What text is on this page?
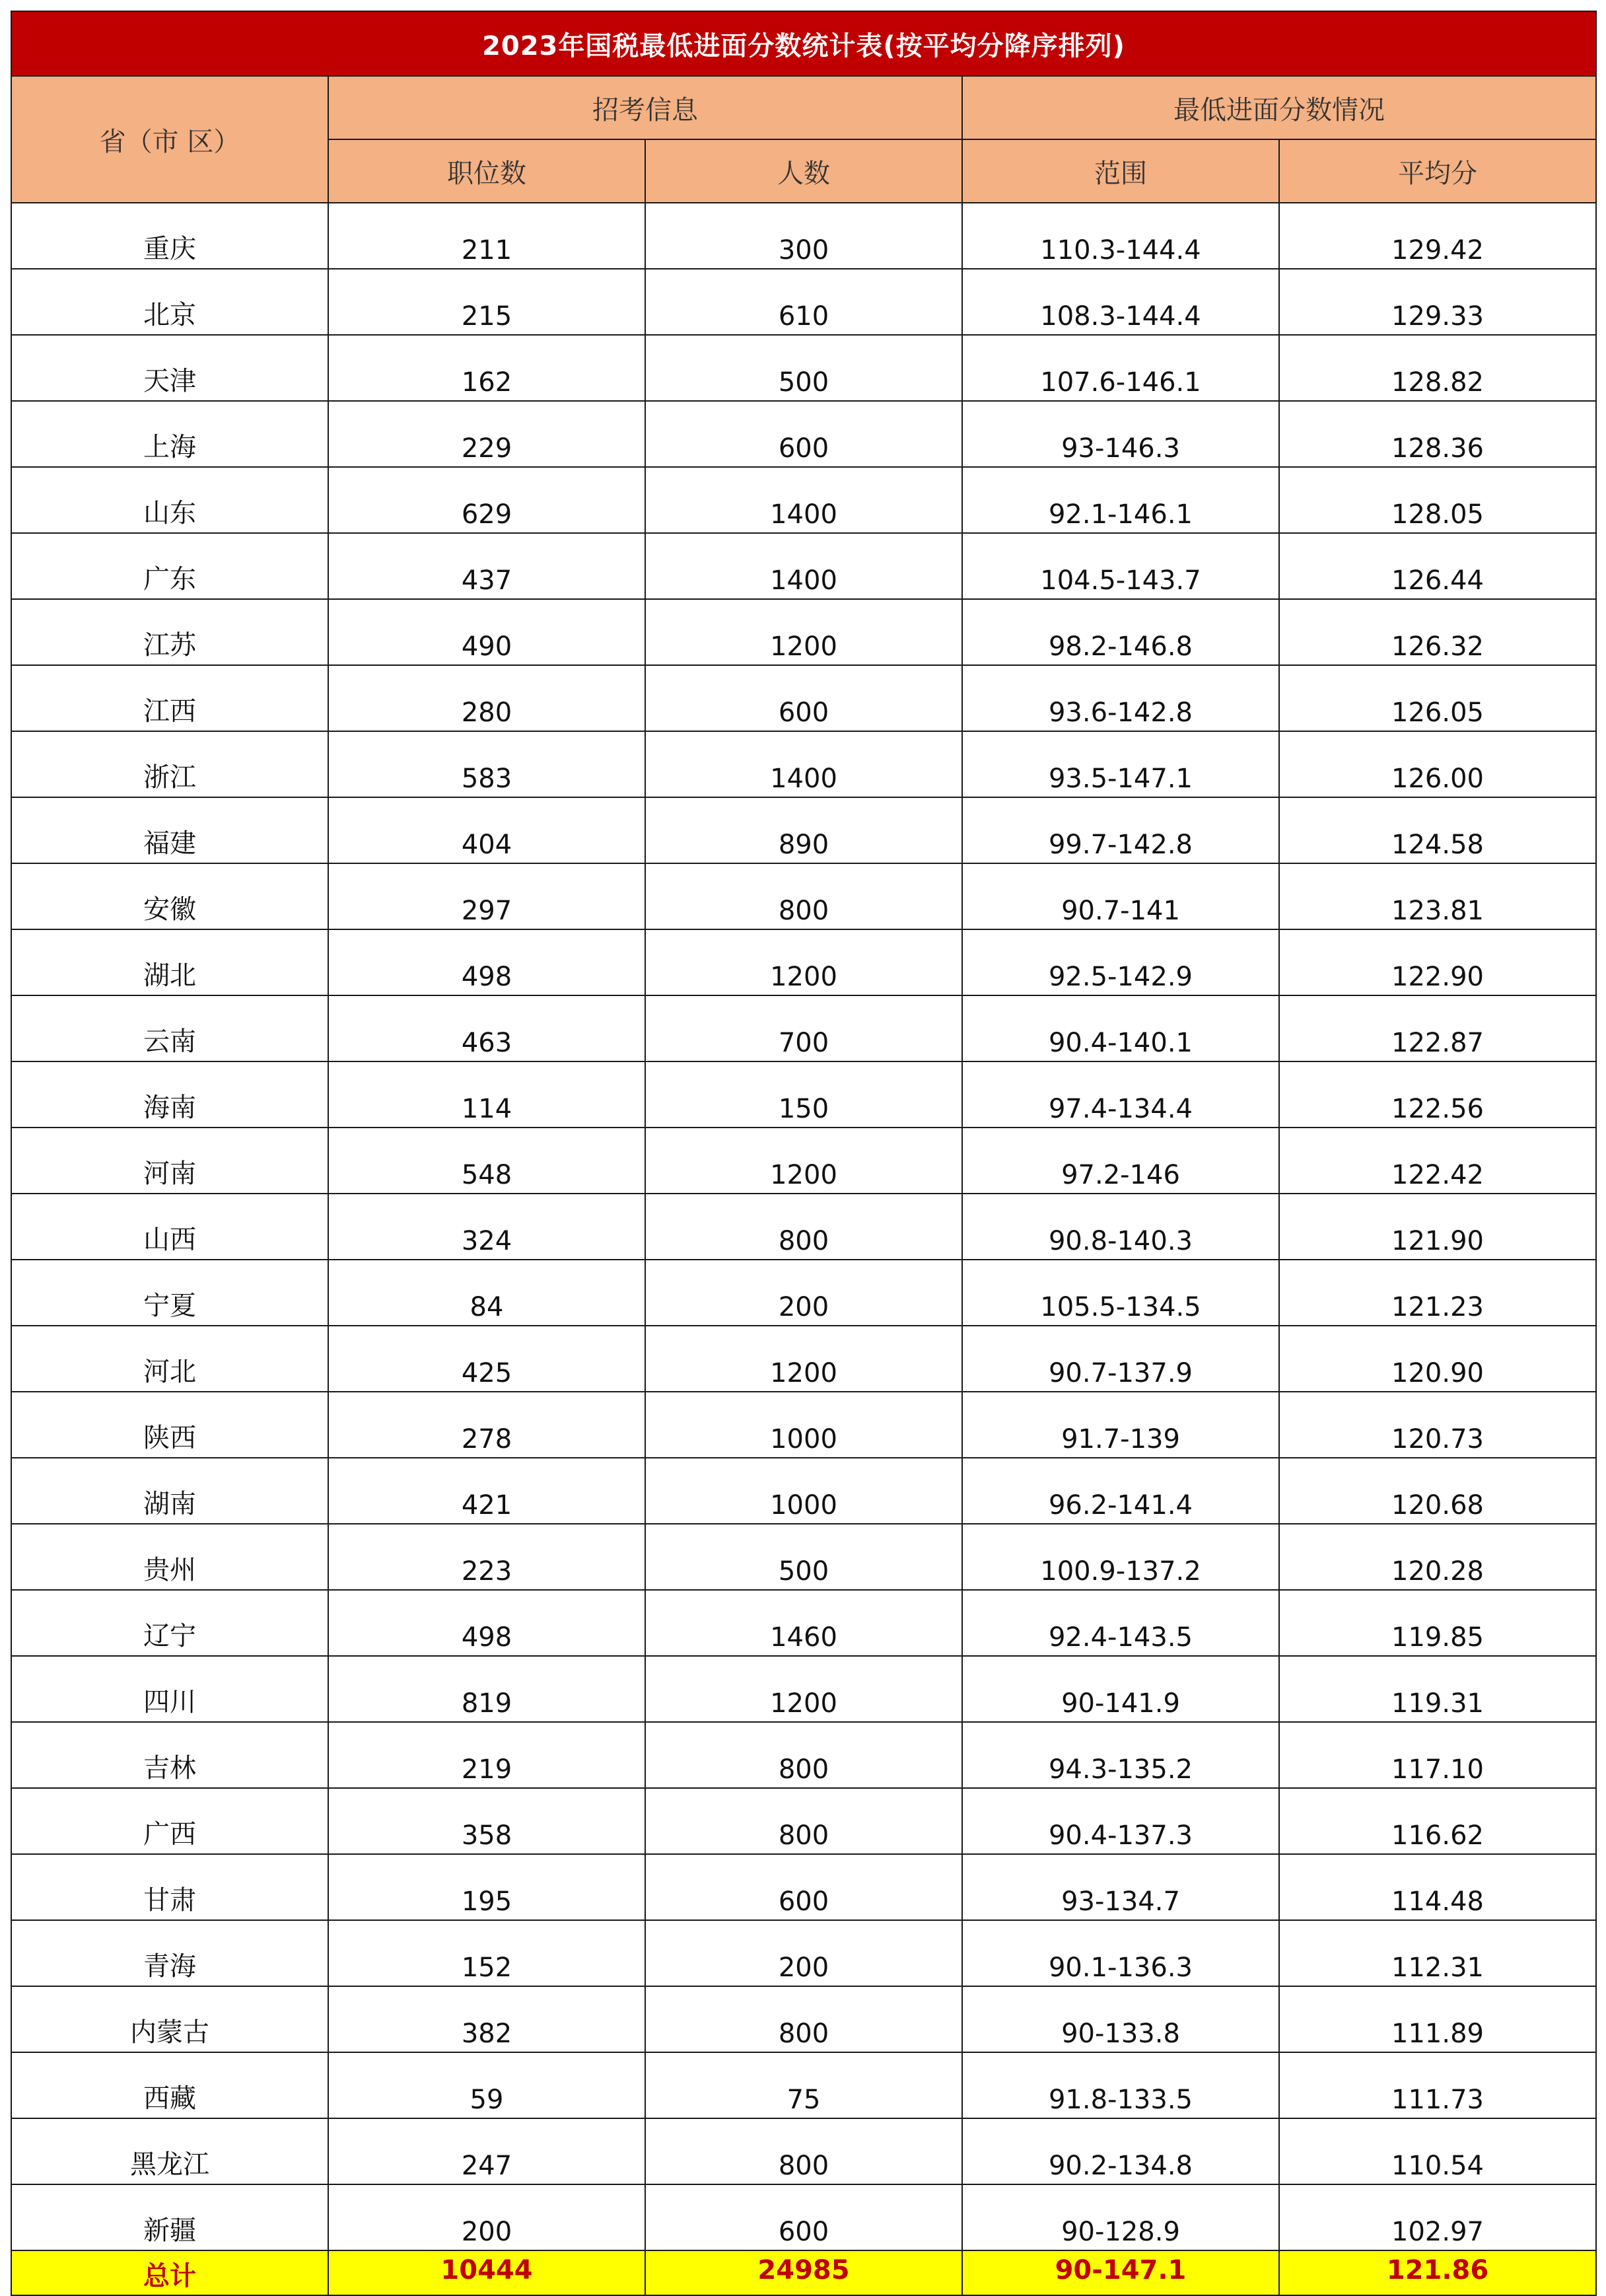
2023年国税最低进面分数统计表(按平均分降序排列)				
省（市 区）	招考信息		最低进面分数情况	
	职位数	人数	范围	平均分
重庆	211	300	110.3-144.4	129.42
北京	215	610	108.3-144.4	129.33
天津	162	500	107.6-146.1	128.82
上海	229	600	93-146.3	128.36
山东	629	1400	92.1-146.1	128.05
广东	437	1400	104.5-143.7	126.44
江苏	490	1200	98.2-146.8	126.32
江西	280	600	93.6-142.8	126.05
浙江	583	1400	93.5-147.1	126.00
福建	404	890	99.7-142.8	124.58
安徽	297	800	90.7-141	123.81
湖北	498	1200	92.5-142.9	122.90
云南	463	700	90.4-140.1	122.87
海南	114	150	97.4-134.4	122.56
河南	548	1200	97.2-146	122.42
山西	324	800	90.8-140.3	121.90
宁夏	84	200	105.5-134.5	121.23
河北	425	1200	90.7-137.9	120.90
陕西	278	1000	91.7-139	120.73
湖南	421	1000	96.2-141.4	120.68
贵州	223	500	100.9-137.2	120.28
辽宁	498	1460	92.4-143.5	119.85
四川	819	1200	90-141.9	119.31
吉林	219	800	94.3-135.2	117.10
广西	358	800	90.4-137.3	116.62
甘肃	195	600	93-134.7	114.48
青海	152	200	90.1-136.3	112.31
内蒙古	382	800	90-133.8	111.89
西藏	59	75	91.8-133.5	111.73
黑龙江	247	800	90.2-134.8	110.54
新疆	200	600	90-128.9	102.97
总计	10444	24985	90-147.1	121.86
